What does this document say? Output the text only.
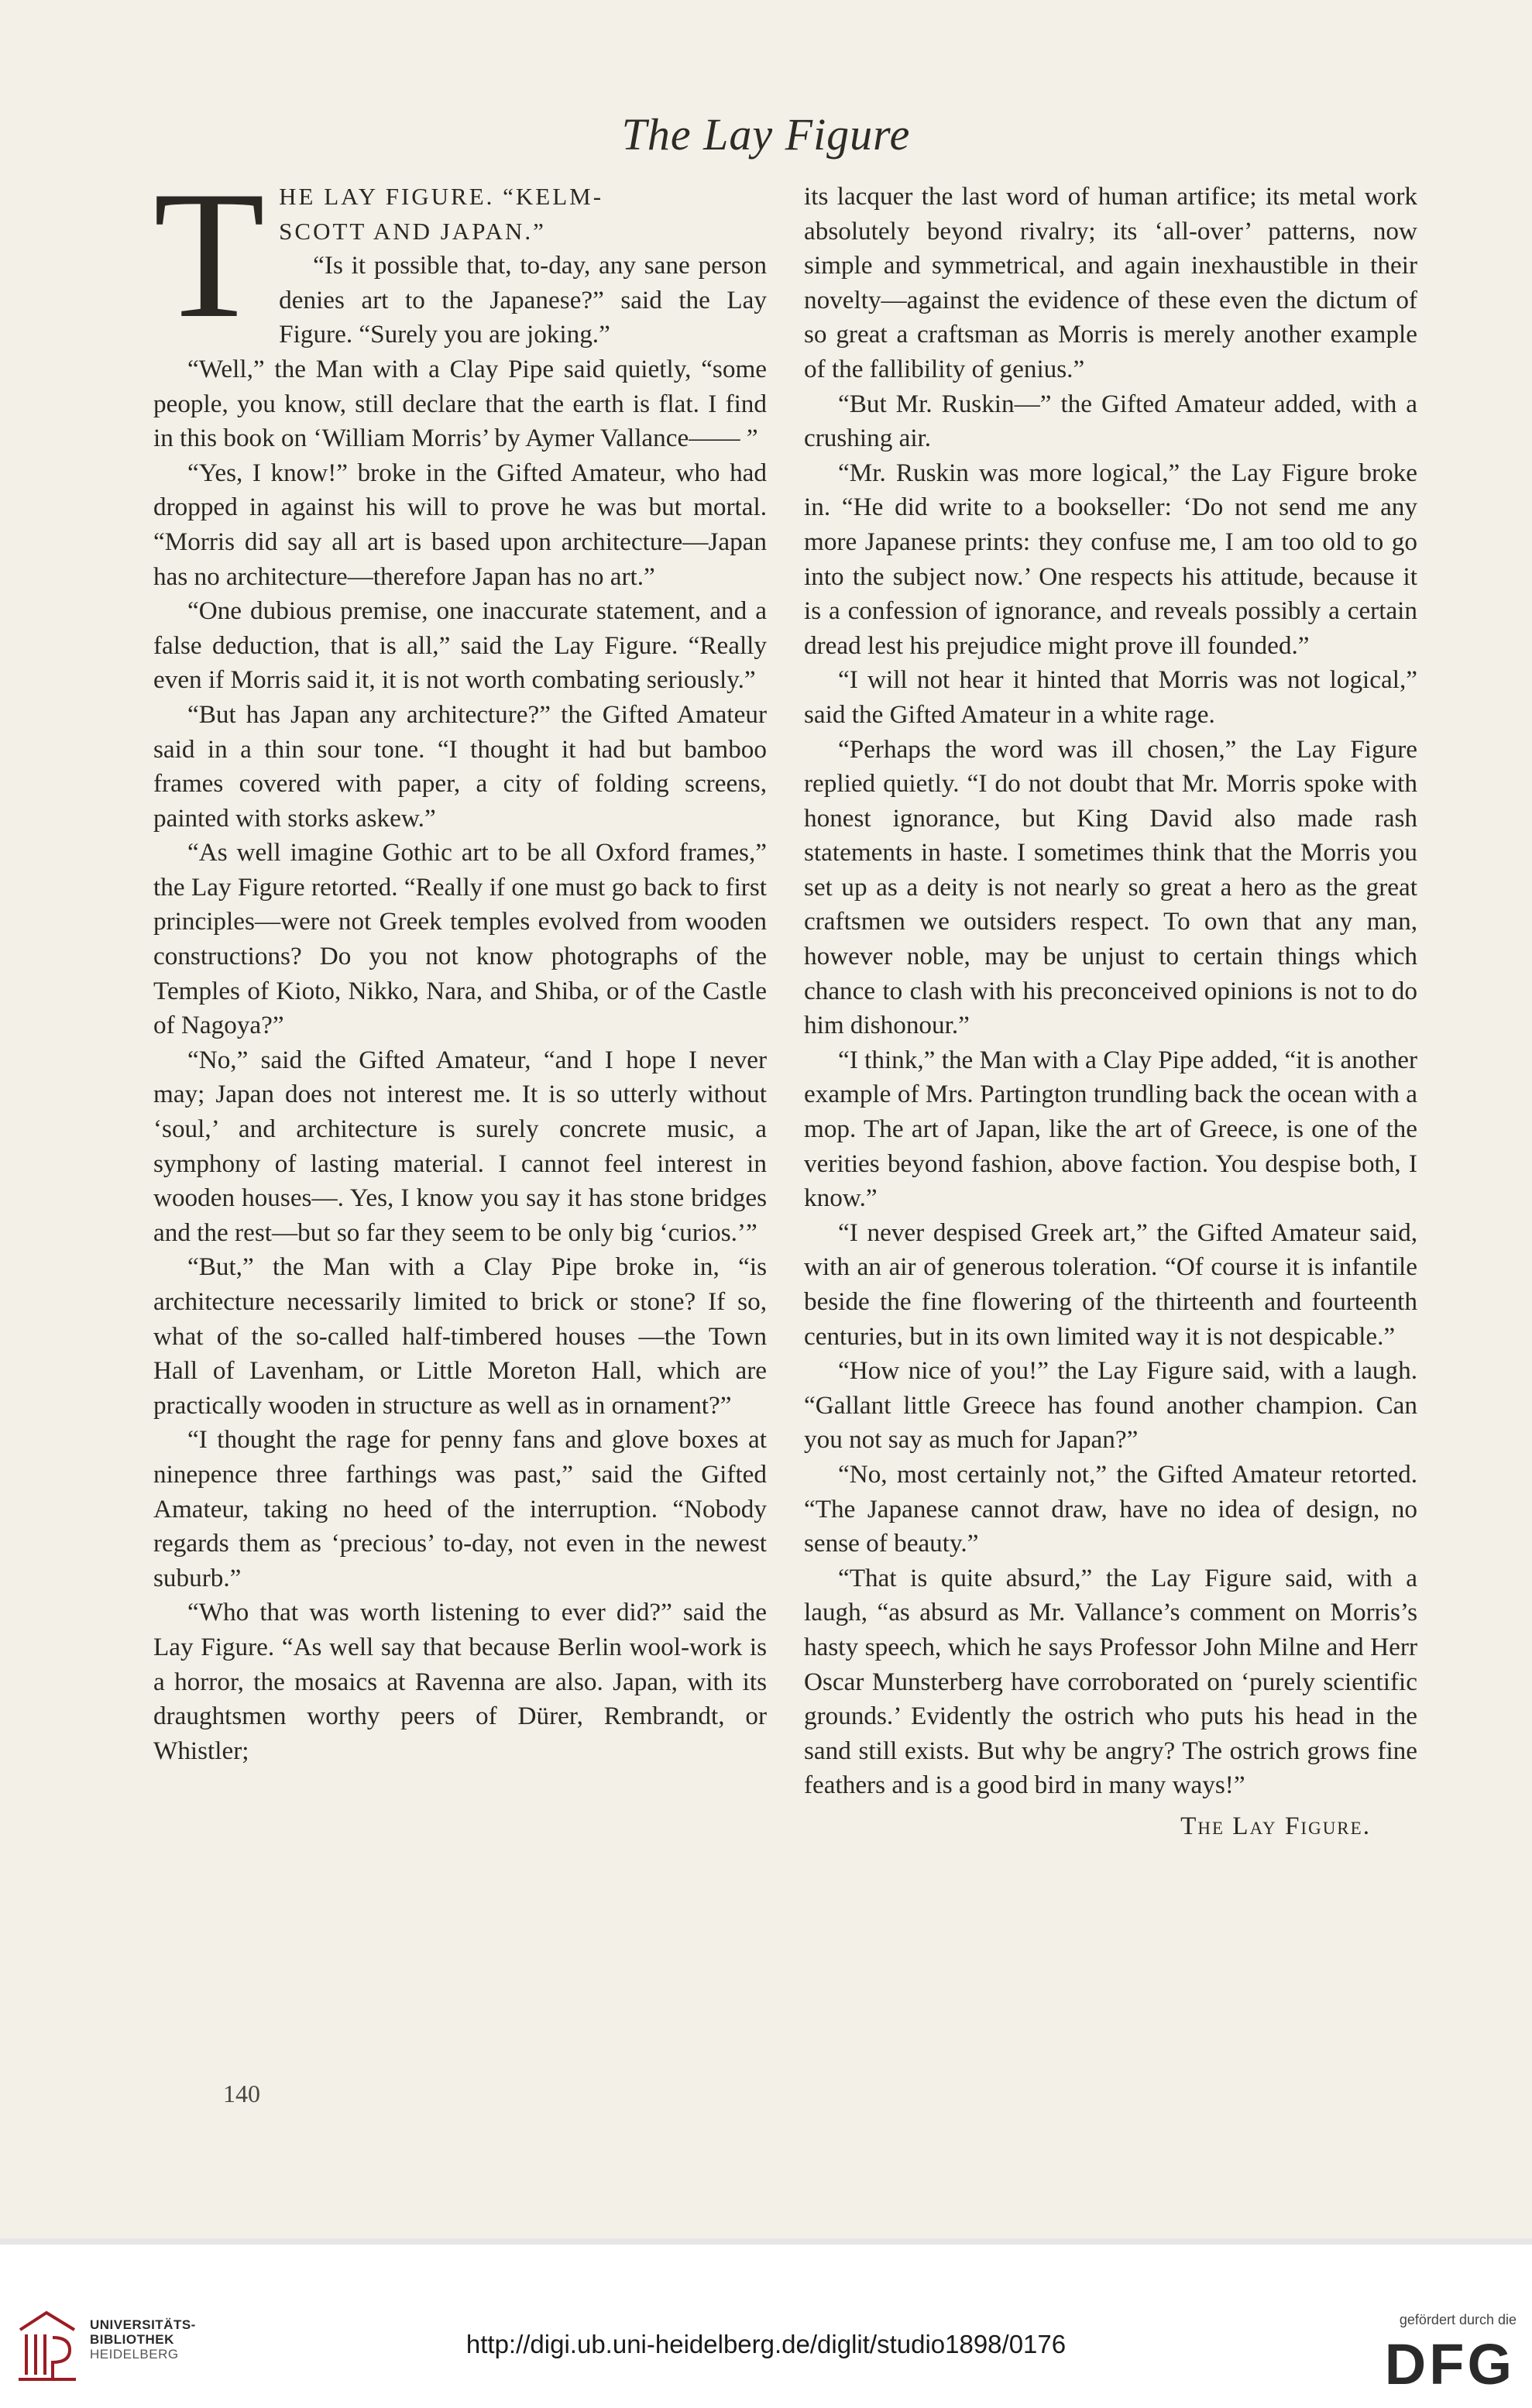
The Lay Figure
T HE LAY FIGURE. “KELM-
SCOTT AND JAPAN.”

“Is it possible that, to-day, any sane person denies art to the Japanese?” said the Lay Figure. “Surely you are joking.”

“Well,” the Man with a Clay Pipe said quietly, “some people, you know, still declare that the earth is flat. I find in this book on ‘William Morris’ by Aymer Vallance—— ”

“Yes, I know!” broke in the Gifted Amateur, who had dropped in against his will to prove he was but mortal. “Morris did say all art is based upon architecture—Japan has no architecture—therefore Japan has no art.”

“One dubious premise, one inaccurate statement, and a false deduction, that is all,” said the Lay Figure. “Really even if Morris said it, it is not worth combating seriously.”

“But has Japan any architecture?” the Gifted Amateur said in a thin sour tone. “I thought it had but bamboo frames covered with paper, a city of folding screens, painted with storks askew.”

“As well imagine Gothic art to be all Oxford frames,” the Lay Figure retorted. “Really if one must go back to first principles—were not Greek temples evolved from wooden constructions? Do you not know photographs of the Temples of Kioto, Nikko, Nara, and Shiba, or of the Castle of Nagoya?”

“No,” said the Gifted Amateur, “and I hope I never may; Japan does not interest me. It is so utterly without ‘soul,’ and architecture is surely concrete music, a symphony of lasting material. I cannot feel interest in wooden houses—. Yes, I know you say it has stone bridges and the rest—but so far they seem to be only big ‘curios.’”

“But,” the Man with a Clay Pipe broke in, “is architecture necessarily limited to brick or stone? If so, what of the so-called half-timbered houses —the Town Hall of Lavenham, or Little Moreton Hall, which are practically wooden in structure as well as in ornament?”

“I thought the rage for penny fans and glove boxes at ninepence three farthings was past,” said the Gifted Amateur, taking no heed of the interruption. “Nobody regards them as ‘precious’ to-day, not even in the newest suburb.”

“Who that was worth listening to ever did?” said the Lay Figure. “As well say that because Berlin wool-work is a horror, the mosaics at Ravenna are also. Japan, with its draughtsmen worthy peers of Dürer, Rembrandt, or Whistler;

its lacquer the last word of human artifice; its metal work absolutely beyond rivalry; its ‘all-over’ patterns, now simple and symmetrical, and again inexhaustible in their novelty—against the evidence of these even the dictum of so great a craftsman as Morris is merely another example of the fallibility of genius.”

“But Mr. Ruskin—” the Gifted Amateur added, with a crushing air.

“Mr. Ruskin was more logical,” the Lay Figure broke in. “He did write to a bookseller: ‘Do not send me any more Japanese prints: they confuse me, I am too old to go into the subject now.’ One respects his attitude, because it is a confession of ignorance, and reveals possibly a certain dread lest his prejudice might prove ill founded.”

“I will not hear it hinted that Morris was not logical,” said the Gifted Amateur in a white rage.

“Perhaps the word was ill chosen,” the Lay Figure replied quietly. “I do not doubt that Mr. Morris spoke with honest ignorance, but King David also made rash statements in haste. I sometimes think that the Morris you set up as a deity is not nearly so great a hero as the great craftsmen we outsiders respect. To own that any man, however noble, may be unjust to certain things which chance to clash with his preconceived opinions is not to do him dishonour.”

“I think,” the Man with a Clay Pipe added, “it is another example of Mrs. Partington trundling back the ocean with a mop. The art of Japan, like the art of Greece, is one of the verities beyond fashion, above faction. You despise both, I know.”

“I never despised Greek art,” the Gifted Amateur said, with an air of generous toleration. “Of course it is infantile beside the fine flowering of the thirteenth and fourteenth centuries, but in its own limited way it is not despicable.”

“How nice of you!” the Lay Figure said, with a laugh. “Gallant little Greece has found another champion. Can you not say as much for Japan?”

“No, most certainly not,” the Gifted Amateur retorted. “The Japanese cannot draw, have no idea of design, no sense of beauty.”

“That is quite absurd,” the Lay Figure said, with a laugh, “as absurd as Mr. Vallance’s comment on Morris’s hasty speech, which he says Professor John Milne and Herr Oscar Munsterberg have corroborated on ‘purely scientific grounds.’ Evidently the ostrich who puts his head in the sand still exists. But why be angry? The ostrich grows fine feathers and is a good bird in many ways!”

The Lay Figure.

140
UNIVERSITÄTS-
BIBLIOTHEK
HEIDELBERG	http://digi.ub.uni-heidelberg.de/diglit/studio1898/0176
gefördert durch die
DFG
